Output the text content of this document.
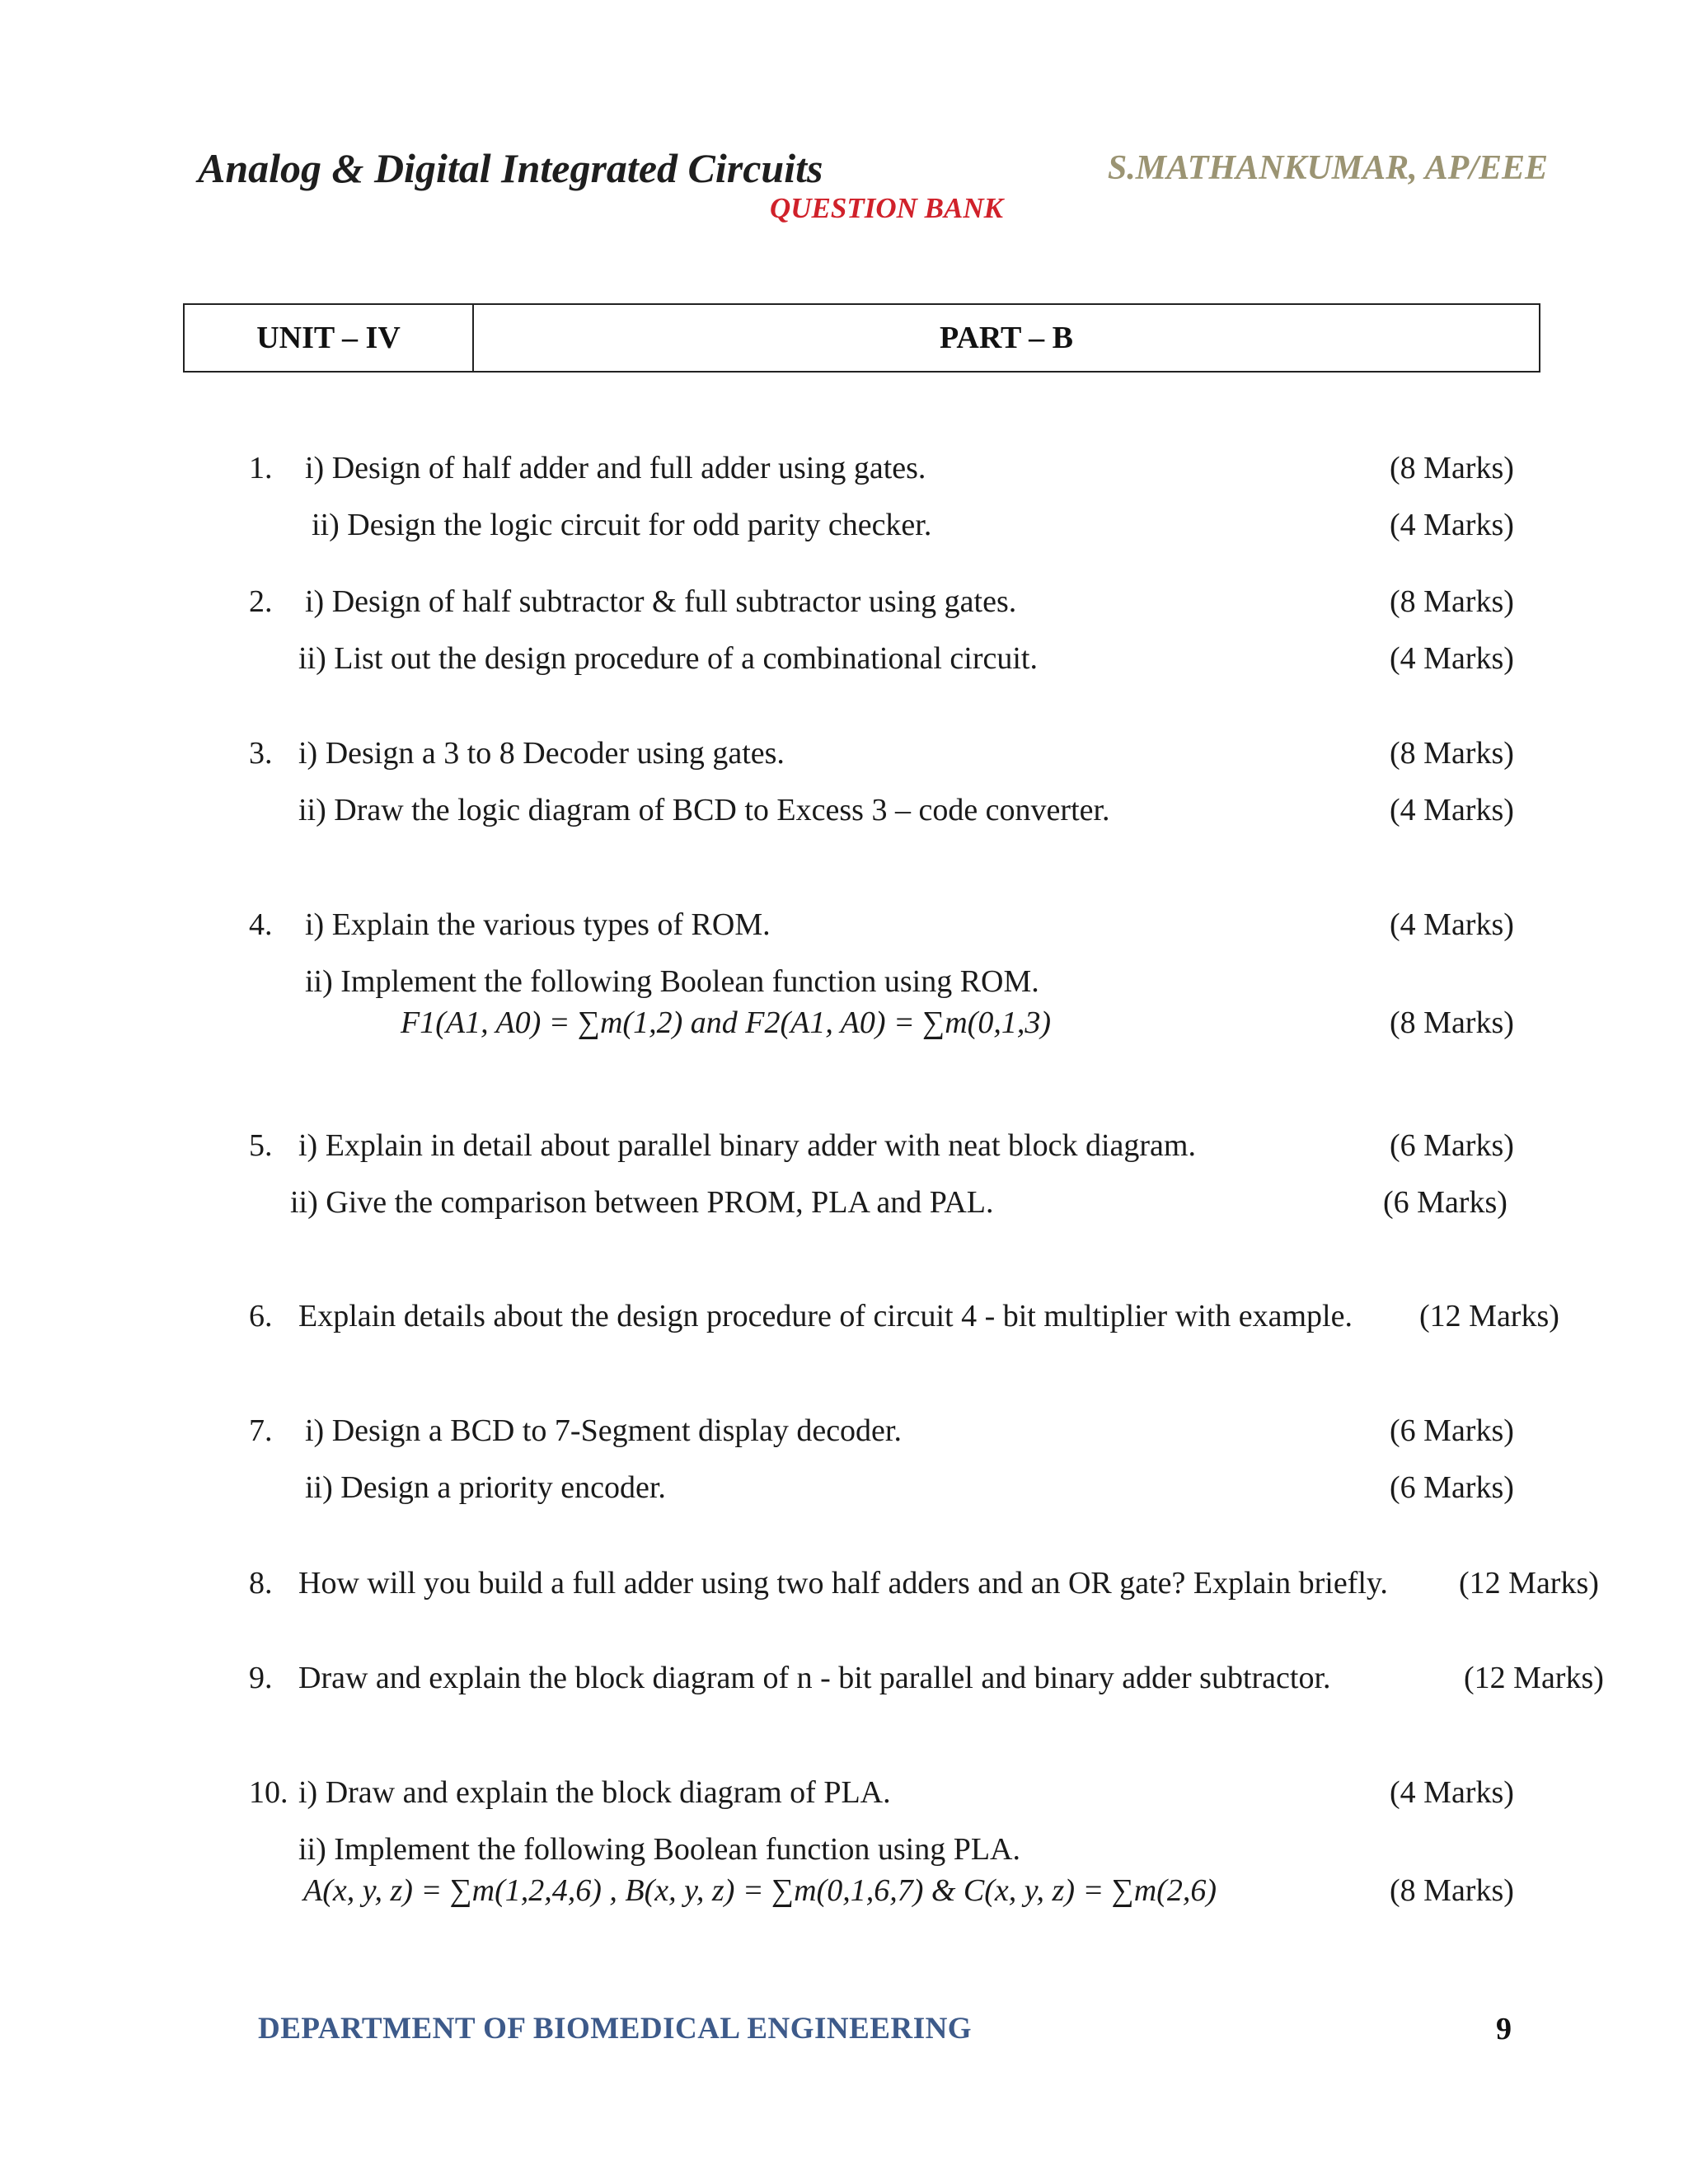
Analog & Digital Integrated Circuits	S.MATHANKUMAR, AP/EEE
QUESTION BANK
UNIT – IV	PART – B
1. i) Design of half adder and full adder using gates.	(8 Marks)
ii) Design the logic circuit for odd parity checker.	(4 Marks)
2. i) Design of half subtractor & full subtractor using gates.	(8 Marks)
ii) List out the design procedure of a combinational circuit.	(4 Marks)
3. i) Design a 3 to 8 Decoder using gates.	(8 Marks)
ii) Draw the logic diagram of BCD to Excess 3 – code converter.	(4 Marks)
4. i) Explain the various types of ROM.	(4 Marks)
ii) Implement the following Boolean function using ROM.
F1(A1, A0) = ∑m(1,2) and F2(A1, A0) = ∑m(0,1,3)	(8 Marks)
5. i) Explain in detail about parallel binary adder with neat block diagram.	(6 Marks)
ii) Give the comparison between PROM, PLA and PAL.	(6 Marks)
6. Explain details about the design procedure of circuit 4 - bit multiplier with example. (12 Marks)
7. i) Design a BCD to 7-Segment display decoder.	(6 Marks)
ii) Design a priority encoder.	(6 Marks)
8. How will you build a full adder using two half adders and an OR gate? Explain briefly. (12 Marks)
9. Draw and explain the block diagram of n - bit parallel and binary adder subtractor.	(12 Marks)
10. i) Draw and explain the block diagram of PLA.	(4 Marks)
ii) Implement the following Boolean function using PLA.
A(x, y, z) = ∑m(1,2,4,6) , B(x, y, z) = ∑m(0,1,6,7) & C(x, y, z) = ∑m(2,6)	(8 Marks)
DEPARTMENT OF BIOMEDICAL ENGINEERING	9
